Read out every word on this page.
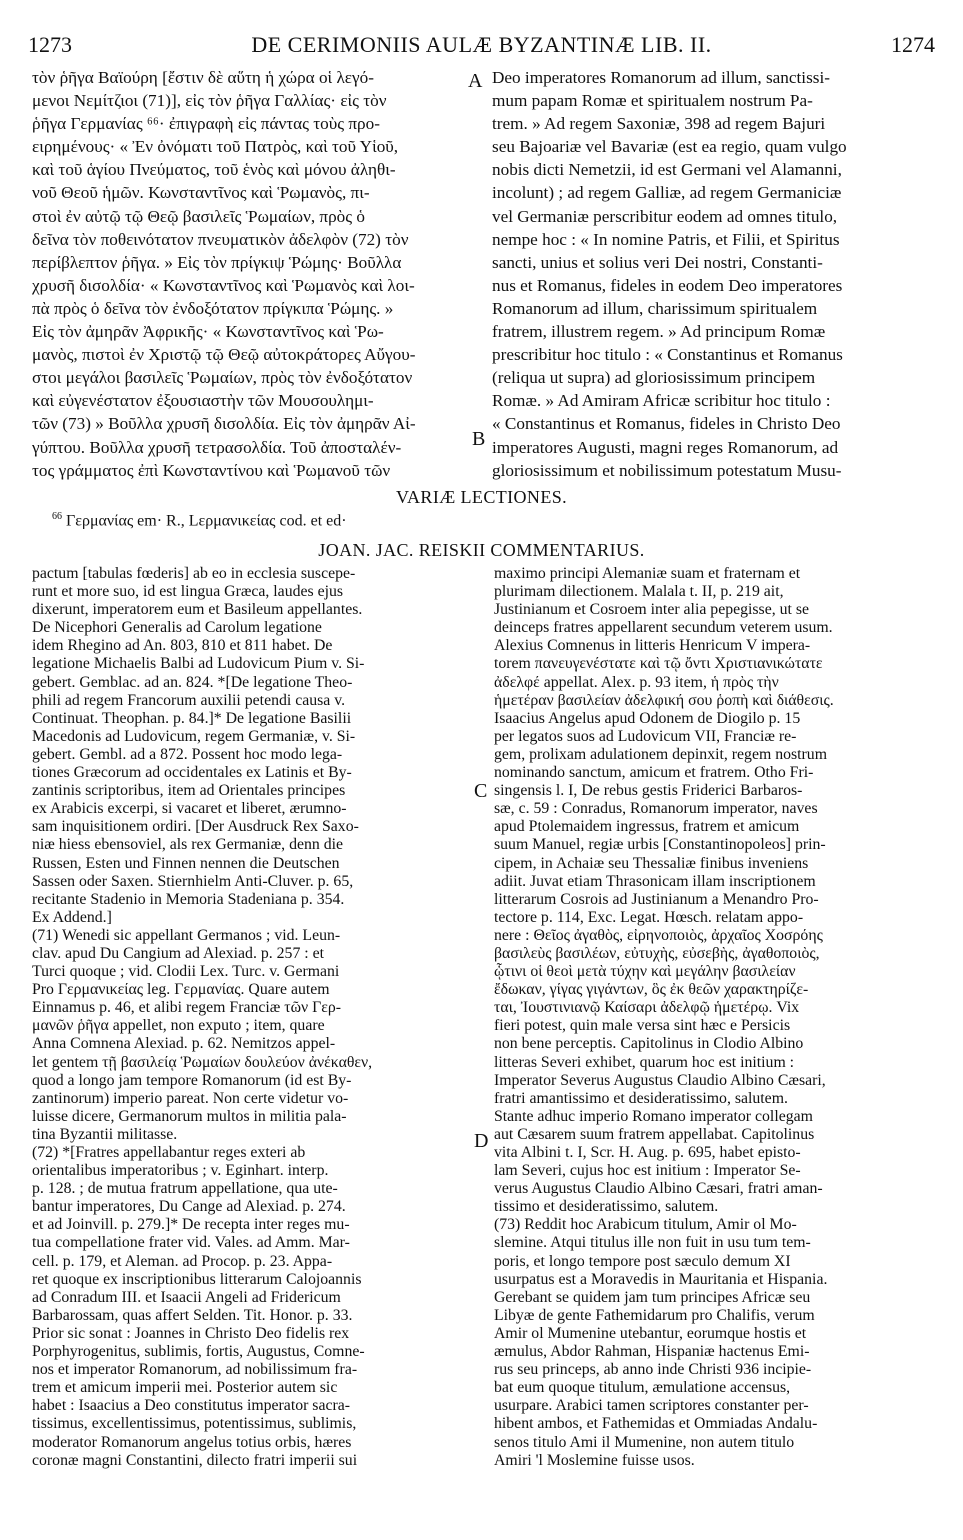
1273	DE CERIMONIIS AULÆ BYZANTINÆ LIB. II.	1274
τὸν ῥῆγα Βαϊούρη [ἔστιν δὲ αὕτη ἡ χώρα οἱ λεγό-
μενοι Νεμίτζιοι (71)], εἰς τὸν ῥῆγα Γαλλίας· εἰς τὸν
ῥῆγα Γερμανίας ⁶⁶· ἐπιγραφὴ εἰς πάντας τοὺς προ-
ειρημένους· « Ἐν ὀνόματι τοῦ Πατρὸς, καὶ τοῦ Υἱοῦ,
καὶ τοῦ ἁγίου Πνεύματος, τοῦ ἑνὸς καὶ μόνου ἀληθι-
νοῦ Θεοῦ ἡμῶν. Κωνσταντῖνος καὶ Ῥωμανὸς, πι-
στοὶ ἐν αὐτῷ τῷ Θεῷ βασιλεῖς Ῥωμαίων, πρὸς ὁ
δεῖνα τὸν ποθεινότατον πνευματικὸν ἀδελφὸν (72) τὸν
περίβλεπτον ῥῆγα. » Εἰς τὸν πρίγκιψ Ῥώμης· Βοῦλλα
χρυσῆ δισολδία· « Κωνσταντῖνος καὶ Ῥωμανὸς καὶ λοι-
πὰ πρὸς ὁ δεῖνα τὸν ἐνδοξότατον πρίγκιπα Ῥώμης. »
Εἰς τὸν ἀμηρᾶν Ἀφρικῆς· « Κωνσταντῖνος καὶ Ῥω-
μανὸς, πιστοὶ ἐν Χριστῷ τῷ Θεῷ αὐτοκράτορες Αὔγου-
στοι μεγάλοι βασιλεῖς Ῥωμαίων, πρὸς τὸν ἐνδοξότατον
καὶ εὐγενέστατον ἐξουσιαστὴν τῶν Μουσουλημι-
τῶν (73) » Βοῦλλα χρυσῆ δισολδία. Εἰς τὸν ἀμηρᾶν Αἰ-
γύπτου. Βοῦλλα χρυσῆ τετρασολδία. Τοῦ ἀποσταλέν-
τος γράμματος ἐπὶ Κωνσταντίνου καὶ Ῥωμανοῦ τῶν
Deo imperatores Romanorum ad illum, sanctissi-
mum papam Romæ et spiritualem nostrum Pa-
trem. » Ad regem Saxoniæ, 398 ad regem Bajuri
seu Bajoariæ vel Bavariæ (est ea regio, quam vulgo
nobis dicti Nemetzii, id est Germani vel Alamanni,
incolunt) ; ad regem Galliæ, ad regem Germaniciæ
vel Germaniæ perscribitur eodem ad omnes titulo,
nempe hoc : « In nomine Patris, et Filii, et Spiritus
sancti, unius et solius veri Dei nostri, Constanti-
nus et Romanus, fideles in eodem Deo imperatores
Romanorum ad illum, charissimum spiritualem
fratrem, illustrem regem. » Ad principum Romæ
prescribitur hoc titulo : « Constantinus et Romanus
(reliqua ut supra) ad gloriosissimum principem
Romæ. » Ad Amiram Africæ scribitur hoc titulo :
« Constantinus et Romanus, fideles in Christo Deo
imperatores Augusti, magni reges Romanorum, ad
gloriosissimum et nobilissimum potestatum Musu-
A
B
VARIÆ LECTIONES.
$^{66}$ Γερμανίας em· R., Lερμανικείας cod. et ed·
JOAN. JAC. REISKII COMMENTARIUS.
pactum [tabulas fœderis] ab eo in ecclesia suscepe-
runt et more suo, id est lingua Græca, laudes ejus
dixerunt, imperatorem eum et Basileum appellantes.
De Nicephori Generalis ad Carolum legatione
idem Rhegino ad An. 803, 810 et 811 habet. De
legatione Michaelis Balbi ad Ludovicum Pium v. Si-
gebert. Gemblac. ad an. 824. *[De legatione Theo-
phili ad regem Francorum auxilii petendi causa v.
Continuat. Theophan. p. 84.]* De legatione Basilii
Macedonis ad Ludovicum, regem Germaniæ, v. Si-
gebert. Gembl. ad a 872. Possent hoc modo lega-
tiones Græcorum ad occidentales ex Latinis et By-
zantinis scriptoribus, item ad Orientales principes
ex Arabicis excerpi, si vacaret et liberet, ærumno-
sam inquisitionem ordiri. [Der Ausdruck Rex Saxo-
niæ hiess ebensoviel, als rex Germaniæ, denn die
Russen, Esten und Finnen nennen die Deutschen
Sassen oder Saxen. Stiernhielm Anti-Cluver. p. 65,
recitante Stadenio in Memoria Stadeniana p. 354.
Ex Addend.]
(71) Wenedi sic appellant Germanos ; vid. Leun-
clav. apud Du Cangium ad Alexiad. p. 257 : et
Turci quoque ; vid. Clodii Lex. Turc. v. Germani
Pro Γερμανικείας leg. Γερμανίας. Quare autem
Einnamus p. 46, et alibi regem Franciæ τῶν Γερ-
μανῶν ῥῆγα appellet, non exputo ; item, quare
Anna Comnena Alexiad. p. 62. Nemitzos appel-
let gentem τῇ βασιλείᾳ Ῥωμαίων δουλεύον ἀνέκαθεν,
quod a longo jam tempore Romanorum (id est By-
zantinorum) imperio pareat. Non certe videtur vo-
luisse dicere, Germanorum multos in militia pala-
tina Byzantii militasse.
(72) *[Fratres appellabantur reges exteri ab
orientalibus imperatoribus ; v. Eginhart. interp.
p. 128. ; de mutua fratrum appellatione, qua ute-
bantur imperatores, Du Cange ad Alexiad. p. 274.
et ad Joinvill. p. 279.]* De recepta inter reges mu-
tua compellatione frater vid. Vales. ad Amm. Mar-
cell. p. 179, et Aleman. ad Procop. p. 23. Appa-
ret quoque ex inscriptionibus litterarum Calojoannis
ad Conradum III. et Isaacii Angeli ad Fridericum
Barbarossam, quas affert Selden. Tit. Honor. p. 33.
Prior sic sonat : Joannes in Christo Deo fidelis rex
Porphyrogenitus, sublimis, fortis, Augustus, Comne-
nos et imperator Romanorum, ad nobilissimum fra-
trem et amicum imperii mei. Posterior autem sic
habet : Isaacius a Deo constitutus imperator sacra-
tissimus, excellentissimus, potentissimus, sublimis,
moderator Romanorum angelus totius orbis, hæres
coronæ magni Constantini, dilecto fratri imperii sui
maximo principi Alemaniæ suam et fraternam et
plurimam dilectionem. Malala t. II, p. 219 ait,
Justinianum et Cosroem inter alia pepegisse, ut se
deinceps fratres appellarent secundum veterem usum.
Alexius Comnenus in litteris Henricum V impera-
torem πανευγενέστατε καὶ τῷ ὄντι Χριστιανικώτατε
ἀδελφέ appellat. Alex. p. 93 item, ἡ πρὸς τὴν
ἡμετέραν βασιλείαν ἀδελφική σου ῥοπὴ καὶ διάθεσις.
Isaacius Angelus apud Odonem de Diogilo p. 15
per legatos suos ad Ludovicum VII, Franciæ re-
gem, prolixam adulationem depinxit, regem nostrum
nominando sanctum, amicum et fratrem. Otho Fri-
singensis l. I, De rebus gestis Friderici Barbaros-
sæ, c. 59 : Conradus, Romanorum imperator, naves
apud Ptolemaidem ingressus, fratrem et amicum
suum Manuel, regiæ urbis [Constantinopoleos] prin-
cipem, in Achaiæ seu Thessaliæ finibus inveniens
adiit. Juvat etiam Thrasonicam illam inscriptionem
litterarum Cosrois ad Justinianum a Menandro Pro-
tectore p. 114, Exc. Legat. Hœsch. relatam appo-
nere : Θεῖος ἀγαθὸς, εἰρηνοποιὸς, ἀρχαῖος Χοσρόης
βασιλεὺς βασιλέων, εὐτυχὴς, εὐσεβὴς, ἀγαθοποιὸς,
ᾧτινι οἱ θεοὶ μετὰ τύχην καὶ μεγάλην βασιλείαν
ἔδωκαν, γίγας γιγάντων, ὃς ἐκ θεῶν χαρακτηρίζε-
ται, Ἰουστινιανῷ Καίσαρι ἀδελφῷ ἡμετέρῳ. Vix
fieri potest, quin male versa sint hæc e Persicis
non bene perceptis. Capitolinus in Clodio Albino
litteras Severi exhibet, quarum hoc est initium :
Imperator Severus Augustus Claudio Albino Cæsari,
fratri amantissimo et desideratissimo, salutem.
Stante adhuc imperio Romano imperator collegam
aut Cæsarem suum fratrem appellabat. Capitolinus
vita Albini t. I, Scr. H. Aug. p. 695, habet episto-
lam Severi, cujus hoc est initium : Imperator Se-
verus Augustus Claudio Albino Cæsari, fratri aman-
tissimo et desideratissimo, salutem.
(73) Reddit hoc Arabicum titulum, Amir ol Mo-
slemine. Atqui titulus ille non fuit in usu tum tem-
poris, et longo tempore post sæculo demum XI
usurpatus est a Moravedis in Mauritania et Hispania.
Gerebant se quidem jam tum principes Africæ seu
Libyæ de gente Fathemidarum pro Chalifis, verum
Amir ol Mumenine utebantur, eorumque hostis et
æmulus, Abdor Rahman, Hispaniæ hactenus Emi-
rus seu princeps, ab anno inde Christi 936 incipie-
bat eum quoque titulum, æmulatione accensus,
usurpare. Arabici tamen scriptores constanter per-
hibent ambos, et Fathemidas et Ommiadas Andalu-
senos titulo Ami il Mumenine, non autem titulo
Amiri 'l Moslemine fuisse usos.
C
D
